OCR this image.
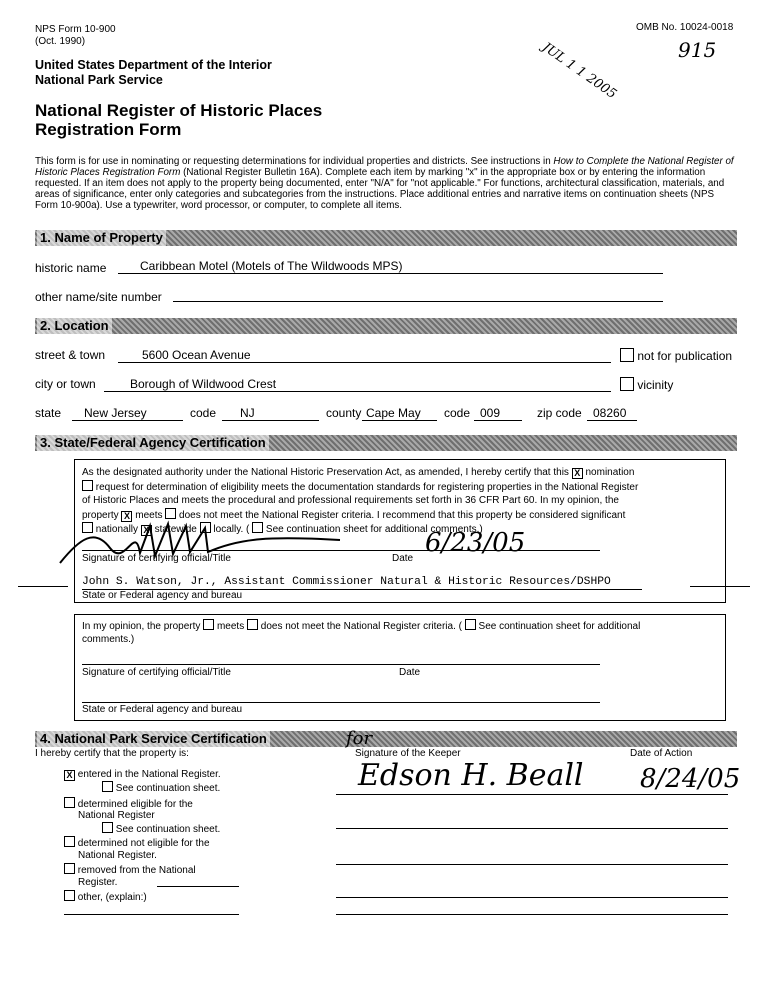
NPS Form 10-900
(Oct. 1990)
OMB No. 10024-0018
915
JUL 1 1 2005
United States Department of the Interior
National Park Service
National Register of Historic Places
Registration Form
This form is for use in nominating or requesting determinations for individual properties and districts. See instructions in How to Complete the National Register of Historic Places Registration Form (National Register Bulletin 16A). Complete each item by marking "x" in the appropriate box or by entering the information requested. If an item does not apply to the property being documented, enter "N/A" for "not applicable." For functions, architectural classification, materials, and areas of significance, enter only categories and subcategories from the instructions. Place additional entries and narrative items on continuation sheets (NPS Form 10-900a). Use a typewriter, word processor, or computer, to complete all items.
1. Name of Property
historic name	Caribbean Motel (Motels of The Wildwoods MPS)
other name/site number
2. Location
street & town	5600 Ocean Avenue	not for publication
city or town	Borough of Wildwood Crest	vicinity
state New Jersey	code NJ	county Cape May code 009	zip code 08260
3. State/Federal Agency Certification
As the designated authority under the National Historic Preservation Act, as amended, I hereby certify that this X nomination
request for determination of eligibility meets the documentation standards for registering properties in the National Register
of Historic Places and meets the procedural and professional requirements set forth in 36 CFR Part 60. In my opinion, the
property X meets does not meet the National Register criteria. I recommend that this property be considered significant
nationally X statewide locally. ( See continuation sheet for additional comments.)
Signature of certifying official/Title	Date
6/23/05
John S. Watson, Jr., Assistant Commissioner Natural & Historic Resources/DSHPO
State or Federal agency and bureau
In my opinion, the property meets does not meet the National Register criteria. ( See continuation sheet for additional
comments.)
Signature of certifying official/Title	Date
State or Federal agency and bureau
4. National Park Service Certification
I hereby certify that the property is:	Signature of the Keeper	Date of Action
for
X entered in the National Register.
See continuation sheet.
determined eligible for the
National Register
See continuation sheet.
determined not eligible for the
National Register.
removed from the National
Register.
other, (explain:)
Edson H. Beall 8/24/05
